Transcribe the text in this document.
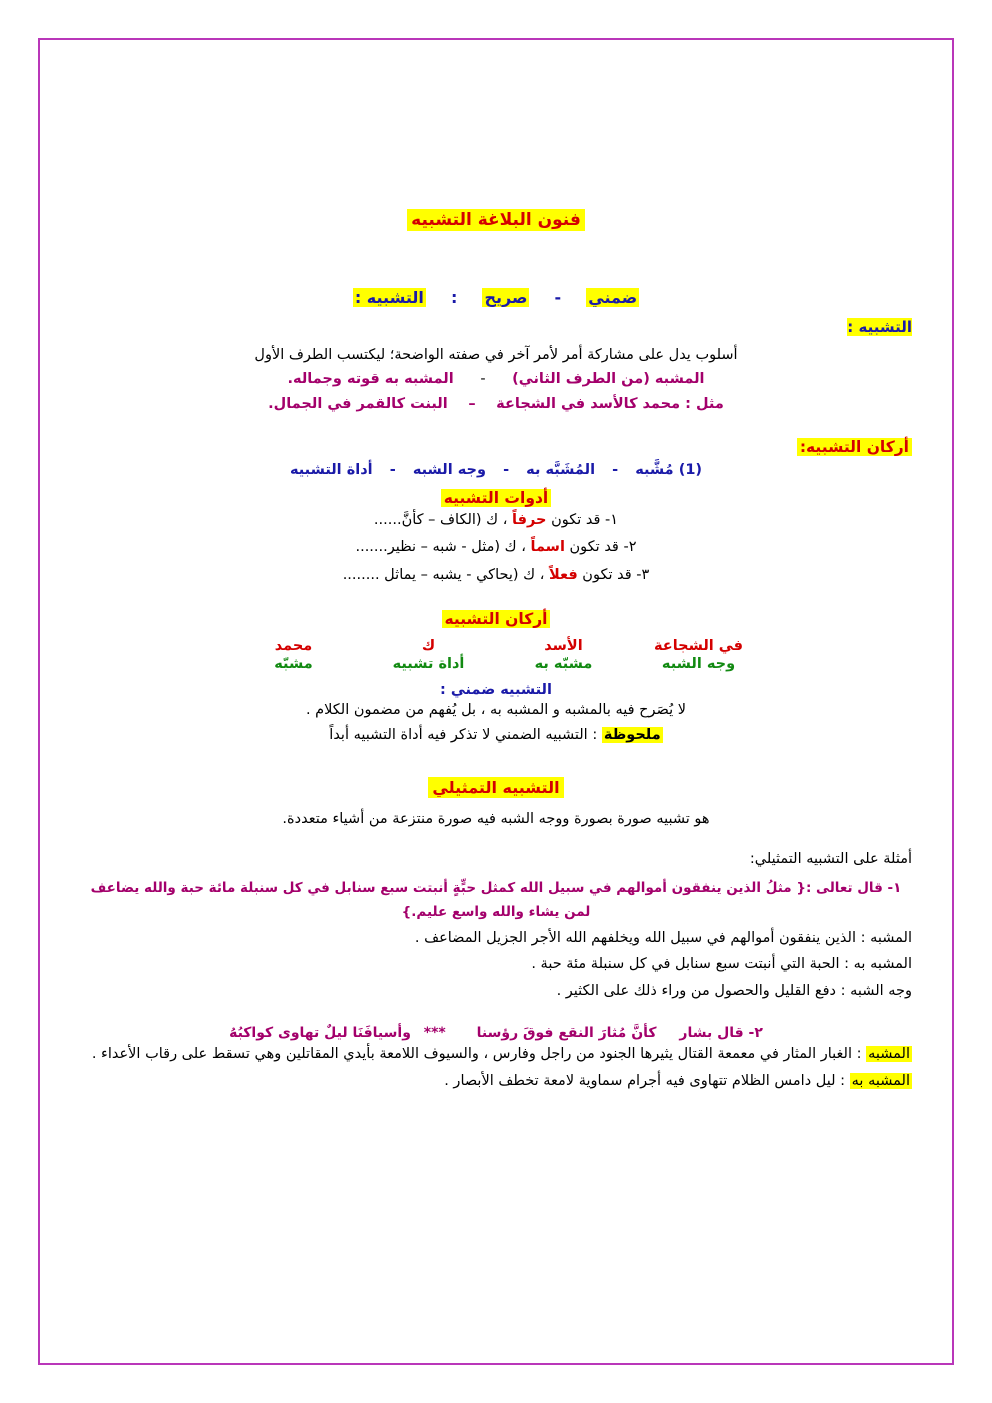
فنون البلاغة التشبيه
ضمني - صريح : التشبيه :
التشبيه :
أسلوب يدل على مشاركة أمر لأمر آخر في صفته الواضحة؛ ليكتسب الطرف الأول
المشبه (من الطرف الثاني) - المشبه به قوته وجماله.
مثل : محمد كالأسد في الشجاعة – البنت كالقمر في الجمال.
أركان التشبيه:
(1) مُشَّبه - المُشَبَّه به - وجه الشبه - أداة التشبيه
أدوات التشبيه
١- قد تكون حرفاً ، ك (الكاف – كأنَّ......
٢- قد تكون اسماً ، ك (مثل - شبه – نظير.......
٣- قد تكون فعلاً ، ك (يحاكي - يشبه – يماثل ........
أركان التشبيه
في الشجاعة
وجه الشبه
الأسد
مشبّه به
ك
أداة تشبيه
محمد
مشبّه
التشبيه ضمني :
لا يُصَرح فيه بالمشبه و المشبه به ، بل يُفهم من مضمون الكلام .
ملحوظة : التشبيه الضمني لا تذكر فيه أداة التشبيه أبداً
التشبيه التمثيلي
هو تشبيه صورة بصورة ووجه الشبه فيه صورة منتزعة من أشياء متعددة.
أمثلة على التشبيه التمثيلي:
١- قال تعالى :{ مثلُ الذين ينفقون أموالهم في سبيل الله كمثل حبٍّةٍ أنبتت سبع سنابل في كل سنبلة مائة حبة والله يضاعف لمن يشاء والله واسع عليم.}
المشبه : الذين ينفقون أموالهم في سبيل الله ويخلفهم الله الأجر الجزيل المضاعف .
المشبه به : الحبة التي أنبتت سبع سنابل في كل سنبلة مئة حبة .
وجه الشبه : دفع القليل والحصول من وراء ذلك على الكثير .
٢- قال بشار كأنَّ مُثارَ النقع فوقَ رؤسنا *** وأسيافَنَا ليلٌ تهاوى كواكبُهُ
المشبه : الغبار المثار في معمعة القتال يثيرها الجنود من راجل وفارس ، والسيوف اللامعة بأيدي المقاتلين وهي تسقط على رقاب الأعداء .
المشبه به : ليل دامس الظلام تتهاوى فيه أجرام سماوية لامعة تخطف الأبصار .
